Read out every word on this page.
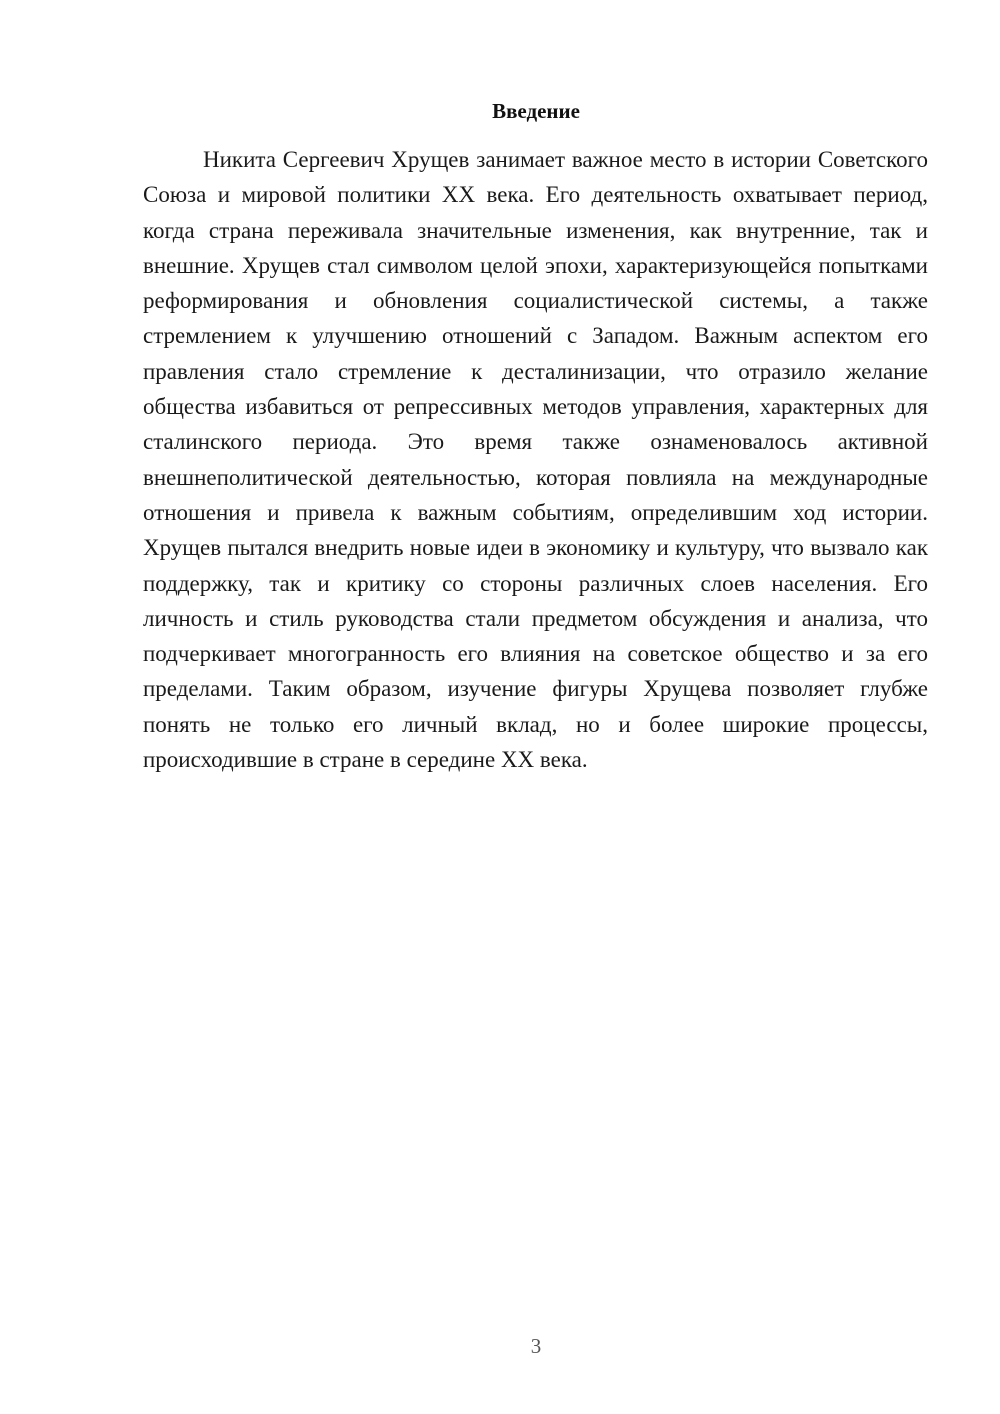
Введение

Никита Сергеевич Хрущев занимает важное место в истории Советского Союза и мировой политики XX века. Его деятельность охватывает период, когда страна переживала значительные изменения, как внутренние, так и внешние. Хрущев стал символом целой эпохи, характеризующейся попытками реформирования и обновления социалистической системы, а также стремлением к улучшению отношений с Западом. Важным аспектом его правления стало стремление к десталинизации, что отразило желание общества избавиться от репрессивных методов управления, характерных для сталинского периода. Это время также ознаменовалось активной внешнеполитической деятельностью, которая повлияла на международные отношения и привела к важным событиям, определившим ход истории. Хрущев пытался внедрить новые идеи в экономику и культуру, что вызвало как поддержку, так и критику со стороны различных слоев населения. Его личность и стиль руководства стали предметом обсуждения и анализа, что подчеркивает многогранность его влияния на советское общество и за его пределами. Таким образом, изучение фигуры Хрущева позволяет глубже понять не только его личный вклад, но и более широкие процессы, происходившие в стране в середине XX века.

3
